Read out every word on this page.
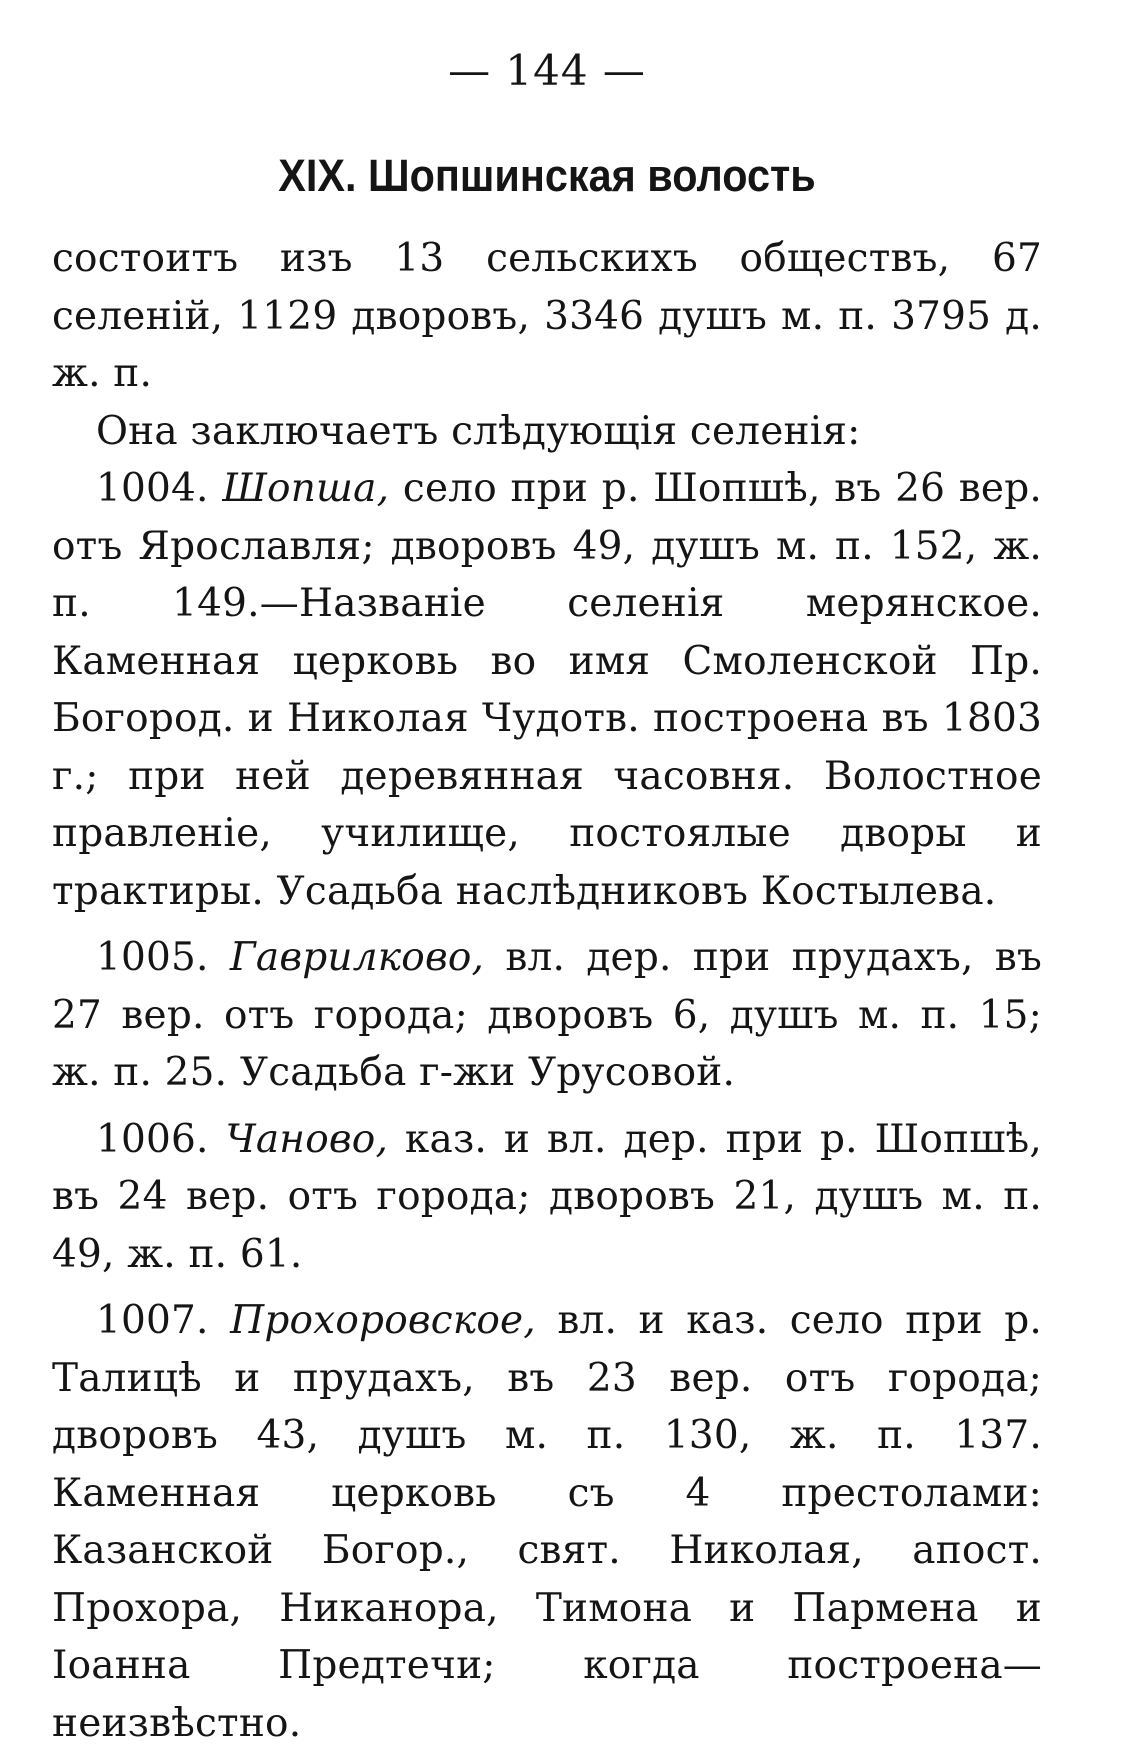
— 144 —
XIX. Шопшинская волость

состоитъ изъ 13 сельскихъ обществъ, 67 селеній, 1129 дворовъ, 3346 душъ м. п. 3795 д. ж. п.

Она заключаетъ слѣдующія селенія:

1004. Шопша, село при р. Шопшѣ, въ 26 вер. отъ Ярославля; дворовъ 49, душъ м. п. 152, ж. п. 149.—Названіе селенія мерянское. Каменная церковь во имя Смоленской Пр. Богород. и Николая Чудотв. построена въ 1803 г.; при ней деревянная часовня. Волостное правленіе, училище, постоялые дворы и трактиры. Усадьба наслѣдниковъ Костылева.

1005. Гаврилково, вл. дер. при прудахъ, въ 27 вер. отъ города; дворовъ 6, душъ м. п. 15; ж. п. 25. Усадьба г-жи Урусовой.

1006. Чаново, каз. и вл. дер. при р. Шопшѣ, въ 24 вер. отъ города; дворовъ 21, душъ м. п. 49, ж. п. 61.

1007. Прохоровское, вл. и каз. село при р. Талицѣ и прудахъ, въ 23 вер. отъ города; дворовъ 43, душъ м. п. 130, ж. п. 137. Каменная церковь съ 4 престолами: Казанской Богор., свят. Николая, апост. Прохора, Никанора, Тимона и Пармена и Іоанна Предтечи; когда построена—неизвѣстно.
